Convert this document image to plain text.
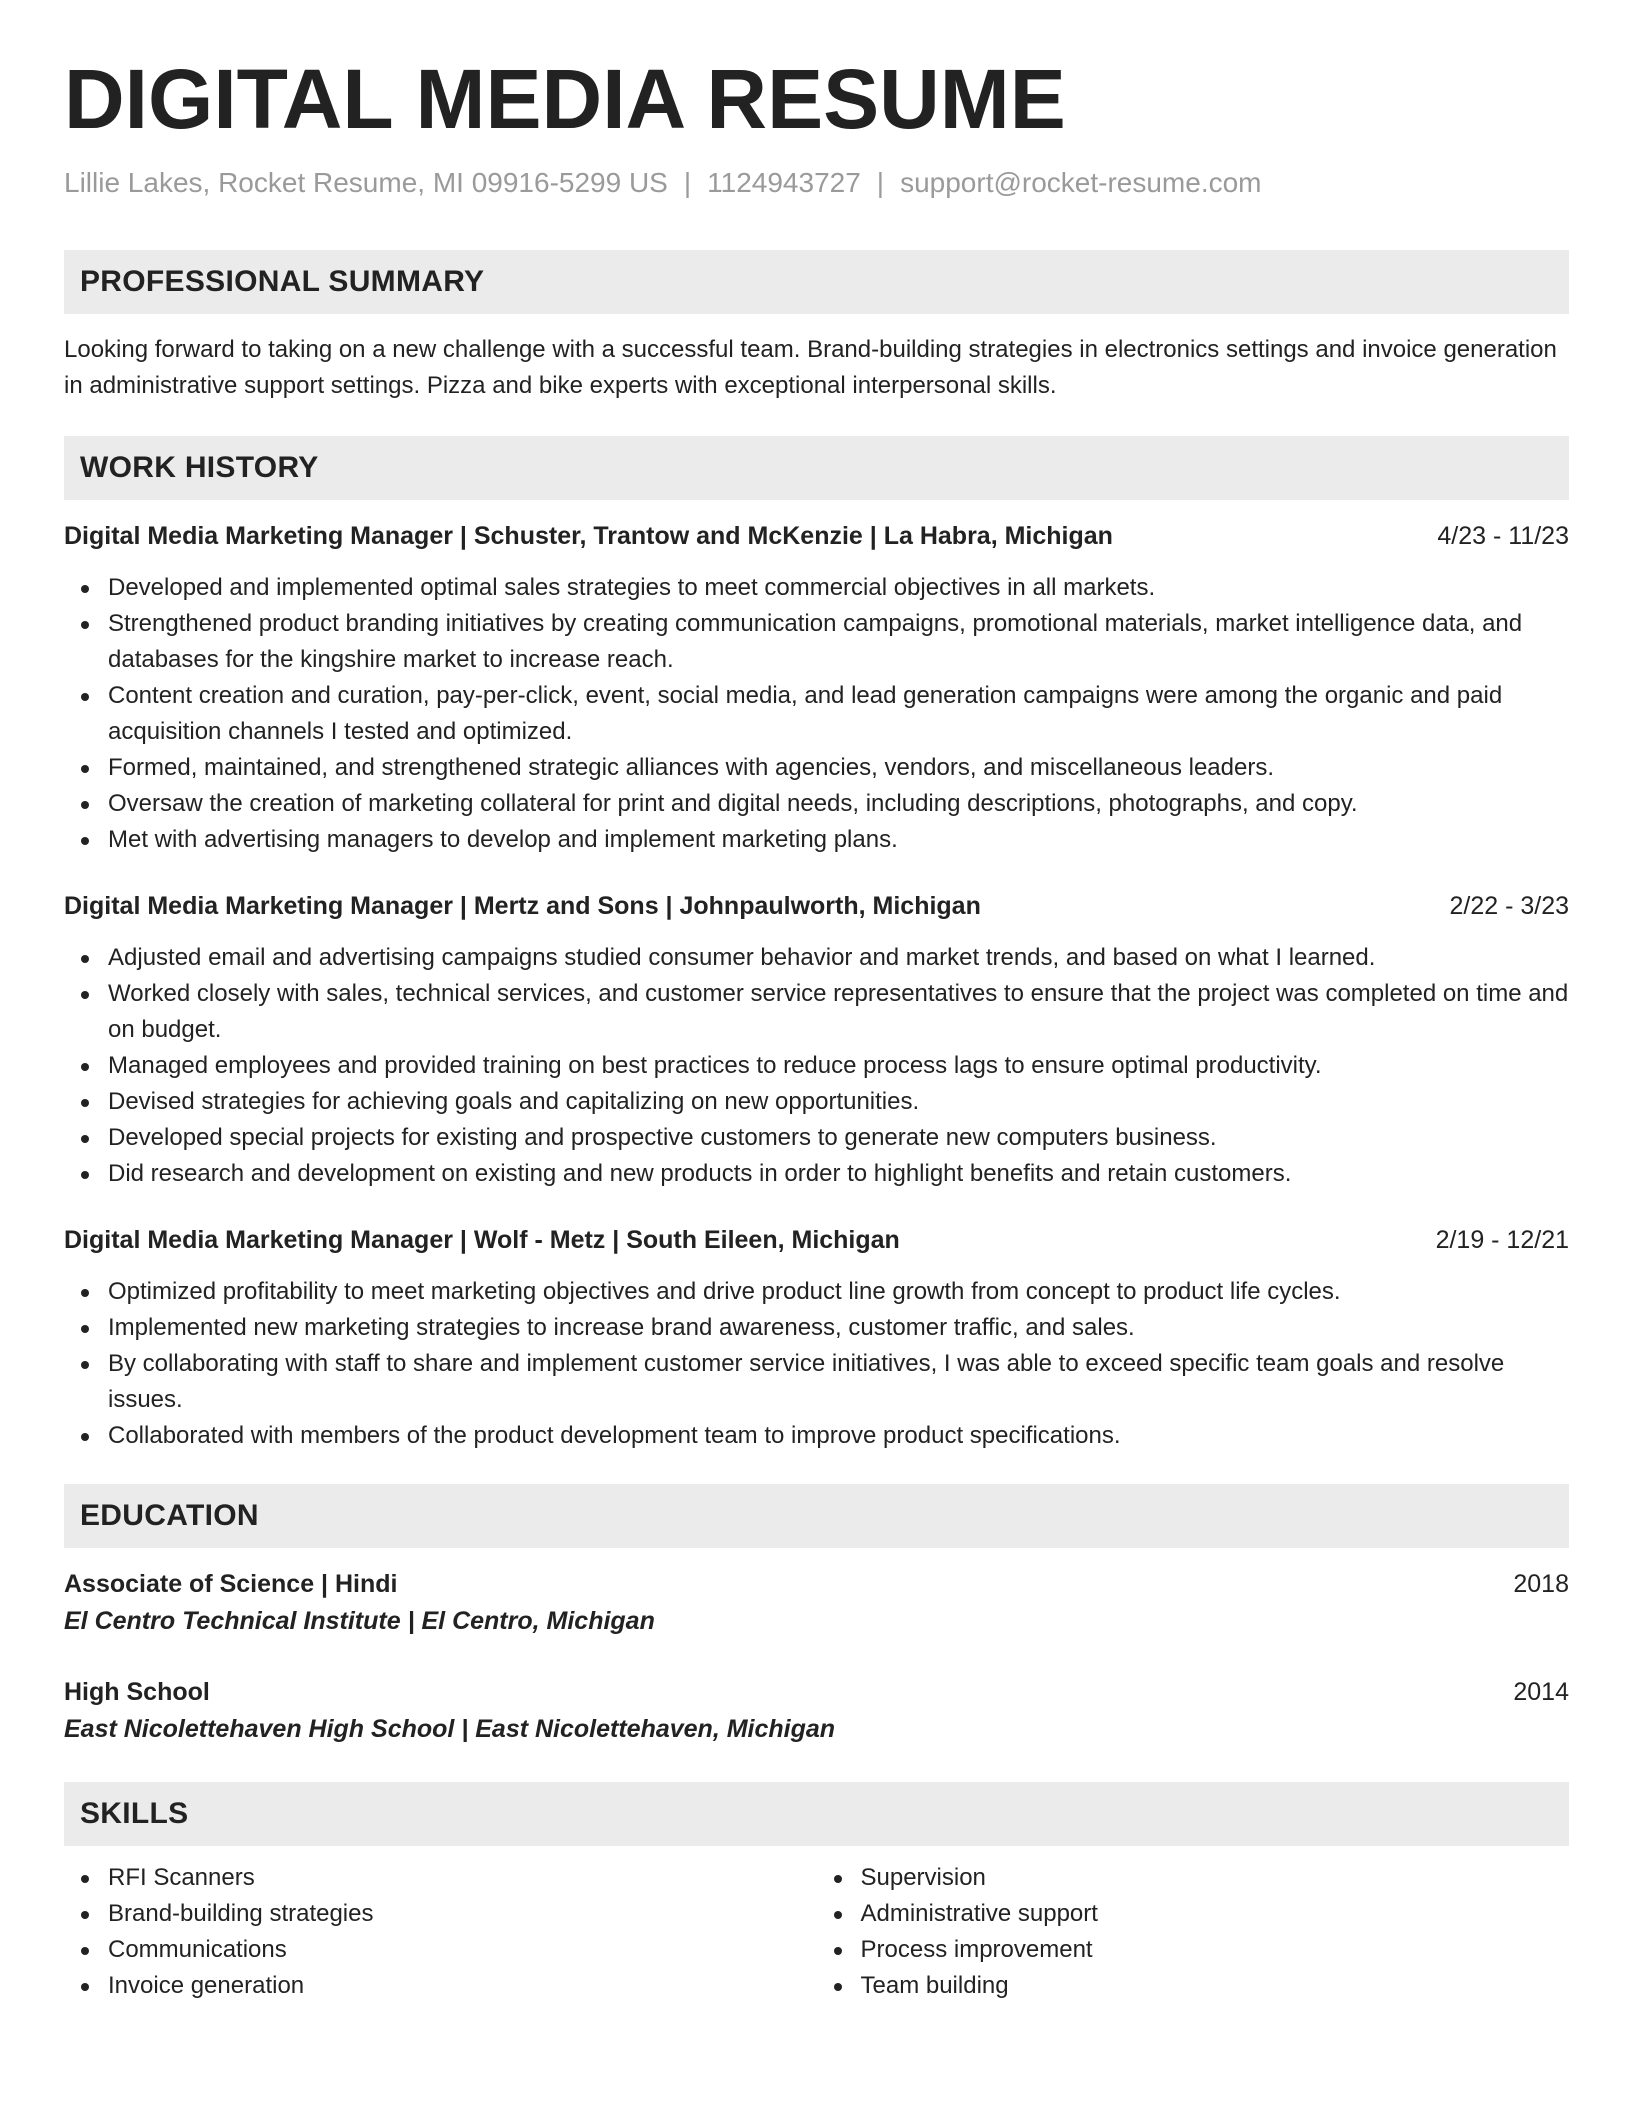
DIGITAL MEDIA RESUME
Lillie Lakes, Rocket Resume, MI 09916-5299 US | 1124943727 | support@rocket-resume.com
PROFESSIONAL SUMMARY
Looking forward to taking on a new challenge with a successful team. Brand-building strategies in electronics settings and invoice generation in administrative support settings. Pizza and bike experts with exceptional interpersonal skills.
WORK HISTORY
Digital Media Marketing Manager | Schuster, Trantow and McKenzie | La Habra, Michigan	4/23 - 11/23
Developed and implemented optimal sales strategies to meet commercial objectives in all markets.
Strengthened product branding initiatives by creating communication campaigns, promotional materials, market intelligence data, and databases for the kingshire market to increase reach.
Content creation and curation, pay-per-click, event, social media, and lead generation campaigns were among the organic and paid acquisition channels I tested and optimized.
Formed, maintained, and strengthened strategic alliances with agencies, vendors, and miscellaneous leaders.
Oversaw the creation of marketing collateral for print and digital needs, including descriptions, photographs, and copy.
Met with advertising managers to develop and implement marketing plans.
Digital Media Marketing Manager | Mertz and Sons | Johnpaulworth, Michigan	2/22 - 3/23
Adjusted email and advertising campaigns studied consumer behavior and market trends, and based on what I learned.
Worked closely with sales, technical services, and customer service representatives to ensure that the project was completed on time and on budget.
Managed employees and provided training on best practices to reduce process lags to ensure optimal productivity.
Devised strategies for achieving goals and capitalizing on new opportunities.
Developed special projects for existing and prospective customers to generate new computers business.
Did research and development on existing and new products in order to highlight benefits and retain customers.
Digital Media Marketing Manager | Wolf - Metz | South Eileen, Michigan	2/19 - 12/21
Optimized profitability to meet marketing objectives and drive product line growth from concept to product life cycles.
Implemented new marketing strategies to increase brand awareness, customer traffic, and sales.
By collaborating with staff to share and implement customer service initiatives, I was able to exceed specific team goals and resolve issues.
Collaborated with members of the product development team to improve product specifications.
EDUCATION
Associate of Science | Hindi	2018
El Centro Technical Institute | El Centro, Michigan
High School	2014
East Nicolettehaven High School | East Nicolettehaven, Michigan
SKILLS
RFI Scanners
Brand-building strategies
Communications
Invoice generation
Supervision
Administrative support
Process improvement
Team building
